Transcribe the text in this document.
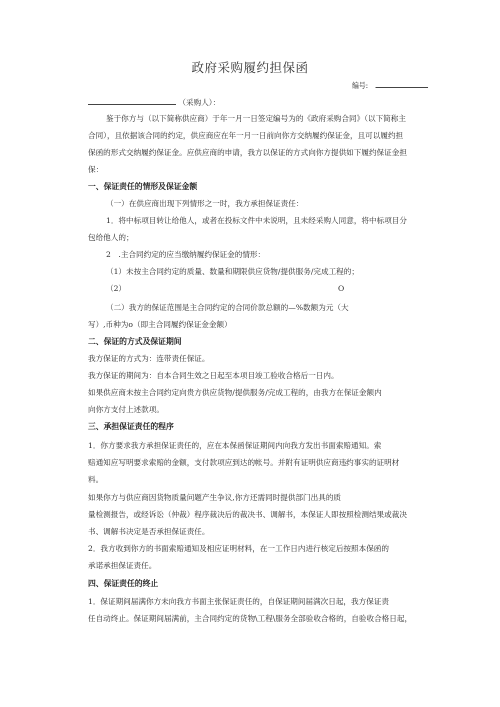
政府采购履约担保函
编号:
（采购人）：
鉴于你方与（以下简称供应商）于年一月一日签定编号为的《政府采购合同》（以下简称主
合同），且依据该合同的约定，供应商应在年一月一日前向你方交纳履约保证金，且可以履约担
保函的形式交纳履约保证金。应供应商的申请，我方以保证的方式向你方提供如下履约保证金担
保：
一、保证责任的情形及保证金额
（一）在供应商出现下列情形之一时，我方承担保证责任：
1．将中标项目转让给他人，或者在投标文件中未说明，且未经采购人同意，将中标项目分
包给他人的；
2　.主合同约定的应当缴纳履约保证金的情形：
（1）未按主合同约定的质量、数量和期限供应货物/提供服务/完成工程的；
（2）	O
（二）我方的保证范围是主合同约定的合同价款总额的—%数额为元（大
写）,币种为o（即主合同履约保证金金额）
二、保证的方式及保证期间
我方保证的方式为：连带责任保证。
我方保证的期间为：自本合同生效之日起至本项目竣工验收合格后一日内。
如果供应商未按主合同约定向贵方供应货物/提供服务/完成工程的，由我方在保证金额内
向你方支付上述款项。
三、承担保证责任的程序
1．你方要求我方承担保证责任的，应在本保函保证期间内向我方发出书面索赔通知。索
赔通知应写明要求索赔的金额，支付款项应到达的帐号。并附有证明供应商违约事实的证明材
料。
如果你方与供应商因货物质量问题产生争议,你方还需同时提供部门出具的质
量检测报告，或经诉讼（仲裁）程序裁决后的裁决书、调解书，本保证人即按照检测结果或裁决
书、调解书决定是否承担保证责任。
2．我方收到你方的书面索赔通知及相应证明材料，在一工作日内进行核定后按照本保函的
承诺承担保证责任。
四、保证责任的终止
1．保证期间届满你方未向我方书面主张保证责任的，自保证期间届满次日起，我方保证责
任自动终止。保证期间届满前，主合同约定的货物\工程\服务全部验收合格的，自验收合格日起，
